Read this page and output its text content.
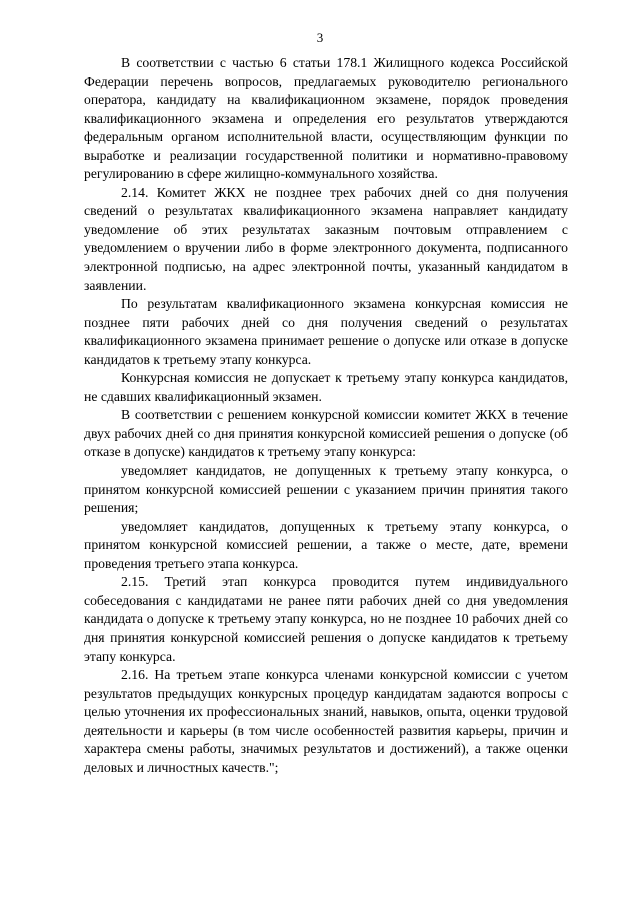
3

В соответствии с частью 6 статьи 178.1 Жилищного кодекса Российской Федерации перечень вопросов, предлагаемых руководителю регионального оператора, кандидату на квалификационном экзамене, порядок проведения квалификационного экзамена и определения его результатов утверждаются федеральным органом исполнительной власти, осуществляющим функции по выработке и реализации государственной политики и нормативно-правовому регулированию в сфере жилищно-коммунального хозяйства.

2.14. Комитет ЖКХ не позднее трех рабочих дней со дня получения сведений о результатах квалификационного экзамена направляет кандидату уведомление об этих результатах заказным почтовым отправлением с уведомлением о вручении либо в форме электронного документа, подписанного электронной подписью, на адрес электронной почты, указанный кандидатом в заявлении.

По результатам квалификационного экзамена конкурсная комиссия не позднее пяти рабочих дней со дня получения сведений о результатах квалификационного экзамена принимает решение о допуске или отказе в допуске кандидатов к третьему этапу конкурса.

Конкурсная комиссия не допускает к третьему этапу конкурса кандидатов, не сдавших квалификационный экзамен.

В соответствии с решением конкурсной комиссии комитет ЖКХ в течение двух рабочих дней со дня принятия конкурсной комиссией решения о допуске (об отказе в допуске) кандидатов к третьему этапу конкурса:

уведомляет кандидатов, не допущенных к третьему этапу конкурса, о принятом конкурсной комиссией решении с указанием причин принятия такого решения;

уведомляет кандидатов, допущенных к третьему этапу конкурса, о принятом конкурсной комиссией решении, а также о месте, дате, времени проведения третьего этапа конкурса.

2.15. Третий этап конкурса проводится путем индивидуального собеседования с кандидатами не ранее пяти рабочих дней со дня уведомления кандидата о допуске к третьему этапу конкурса, но не позднее 10 рабочих дней со дня принятия конкурсной комиссией решения о допуске кандидатов к третьему этапу конкурса.

2.16. На третьем этапе конкурса членами конкурсной комиссии с учетом результатов предыдущих конкурсных процедур кандидатам задаются вопросы с целью уточнения их профессиональных знаний, навыков, опыта, оценки трудовой деятельности и карьеры (в том числе особенностей развития карьеры, причин и характера смены работы, значимых результатов и достижений), а также оценки деловых и личностных качеств.";
